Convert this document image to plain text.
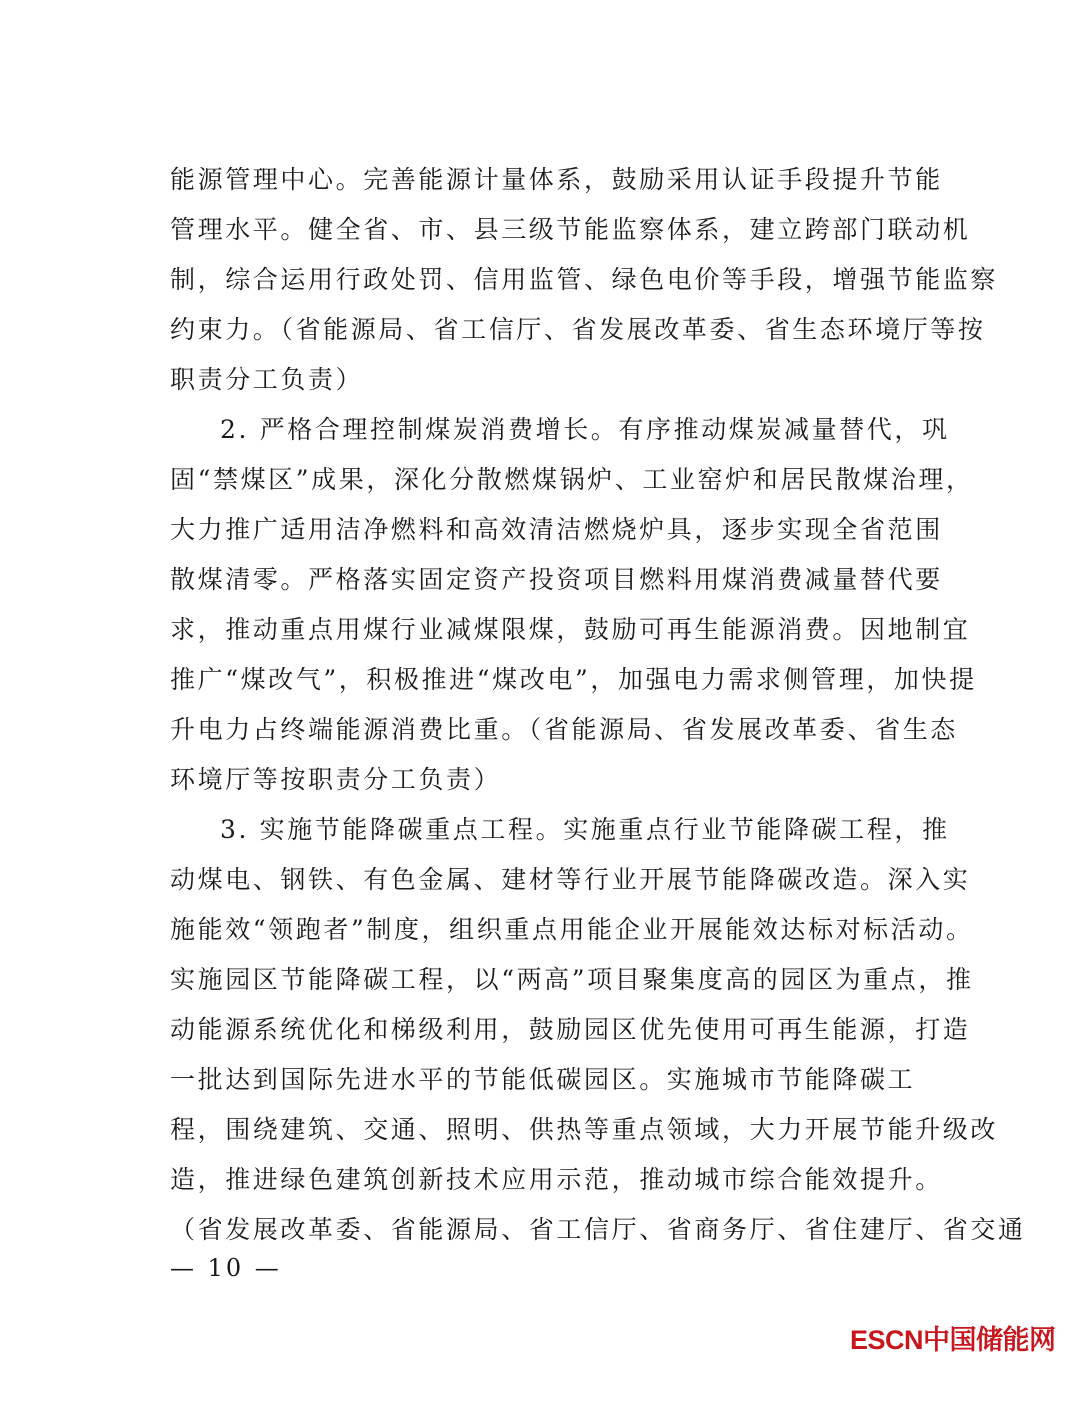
能源管理中心。完善能源计量体系，鼓励采用认证手段提升节能
管理水平。健全省、市、县三级节能监察体系，建立跨部门联动机
制，综合运用行政处罚、信用监管、绿色电价等手段，增强节能监察
约束力。（省能源局、省工信厅、省发展改革委、省生态环境厅等按
职责分工负责）
2. 严格合理控制煤炭消费增长。有序推动煤炭减量替代，巩
固“禁煤区”成果，深化分散燃煤锅炉、工业窑炉和居民散煤治理，
大力推广适用洁净燃料和高效清洁燃烧炉具，逐步实现全省范围
散煤清零。严格落实固定资产投资项目燃料用煤消费减量替代要
求，推动重点用煤行业减煤限煤，鼓励可再生能源消费。因地制宜
推广“煤改气”，积极推进“煤改电”，加强电力需求侧管理，加快提
升电力占终端能源消费比重。（省能源局、省发展改革委、省生态
环境厅等按职责分工负责）
3. 实施节能降碳重点工程。实施重点行业节能降碳工程，推
动煤电、钢铁、有色金属、建材等行业开展节能降碳改造。深入实
施能效“领跑者”制度，组织重点用能企业开展能效达标对标活动。
实施园区节能降碳工程，以“两高”项目聚集度高的园区为重点，推
动能源系统优化和梯级利用，鼓励园区优先使用可再生能源，打造
一批达到国际先进水平的节能低碳园区。实施城市节能降碳工
程，围绕建筑、交通、照明、供热等重点领域，大力开展节能升级改
造，推进绿色建筑创新技术应用示范，推动城市综合能效提升。
（省发展改革委、省能源局、省工信厅、省商务厅、省住建厅、省交通
— 10 —
ESCN中国储能网
